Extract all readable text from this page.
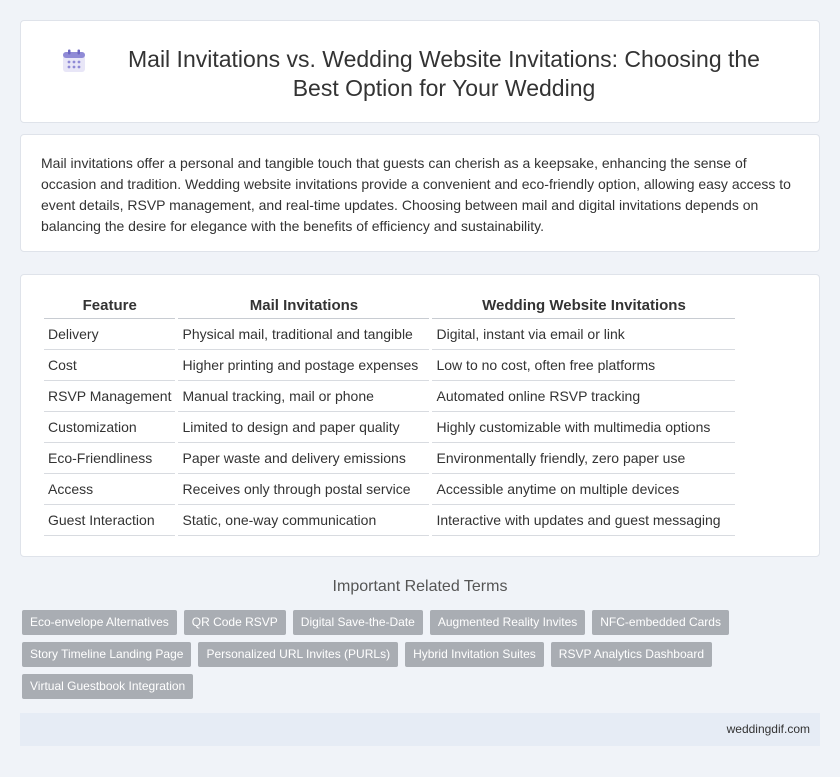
Mail Invitations vs. Wedding Website Invitations: Choosing the Best Option for Your Wedding

Mail invitations offer a personal and tangible touch that guests can cherish as a keepsake, enhancing the sense of occasion and tradition. Wedding website invitations provide a convenient and eco-friendly option, allowing easy access to event details, RSVP management, and real-time updates. Choosing between mail and digital invitations depends on balancing the desire for elegance with the benefits of efficiency and sustainability.

Feature	Mail Invitations	Wedding Website Invitations
Delivery	Physical mail, traditional and tangible	Digital, instant via email or link
Cost	Higher printing and postage expenses	Low to no cost, often free platforms
RSVP Management	Manual tracking, mail or phone	Automated online RSVP tracking
Customization	Limited to design and paper quality	Highly customizable with multimedia options
Eco-Friendliness	Paper waste and delivery emissions	Environmentally friendly, zero paper use
Access	Receives only through postal service	Accessible anytime on multiple devices
Guest Interaction	Static, one-way communication	Interactive with updates and guest messaging
Important Related Terms
Eco-envelope Alternatives	QR Code RSVP	Digital Save-the-Date	Augmented Reality Invites	NFC-embedded Cards
Story Timeline Landing Page	Personalized URL Invites (PURLs)	Hybrid Invitation Suites	RSVP Analytics Dashboard
Virtual Guestbook Integration
weddingdif.com
